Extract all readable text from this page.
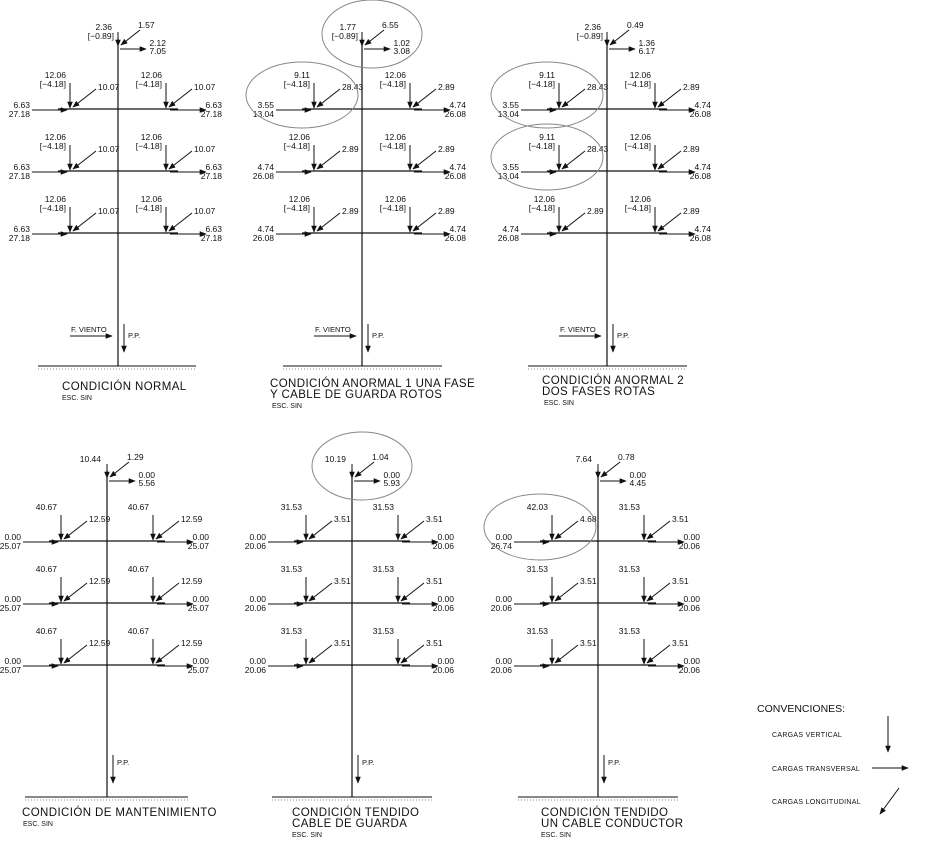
2.36
[−0.89]
1.57
2.12
7.05
12.06
[−4.18]	10.07
6.63
27.18
12.06
[−4.18]	10.07
6.63
27.18
12.06
[−4.18]	10.07
6.63
27.18
12.06
[−4.18]	10.07
6.63
27.18
12.06
[−4.18]	10.07
6.63
27.18
12.06
[−4.18]	10.07
6.63
27.18
F. VIENTO
P.P.
CONDICIÓN NORMAL
ESC. SIN
1.77
[−0.89]
6.55
1.02
3.08
9.11
[−4.18]	28.43
3.55
13.04
12.06
[−4.18]	2.89
4.74
26.08
12.06
[−4.18]	2.89
4.74
26.08
12.06
[−4.18]	2.89
4.74
26.08
12.06
[−4.18]	2.89
4.74
26.08
12.06
[−4.18]	2.89
4.74
26.08
F. VIENTO
P.P.
CONDICIÓN ANORMAL 1 UNA FASE
Y CABLE DE GUARDA ROTOS
ESC. SIN
2.36
[−0.89]
0.49
1.36
6.17
9.11
[−4.18]	28.43
3.55
13.04
12.06
[−4.18]	2.89
4.74
26.08
9.11
[−4.18]	28.43
3.55
13.04
12.06
[−4.18]	2.89
4.74
26.08
12.06
[−4.18]	2.89
4.74
26.08
12.06
[−4.18]	2.89
4.74
26.08
F. VIENTO
P.P.
CONDICIÓN ANORMAL 2
DOS FASES ROTAS
ESC. SIN
10.44	1.29
0.00
5.56
40.67
12.59
0.00
25.07
40.67
12.59
0.00
25.07
40.67
12.59
0.00
25.07
40.67
12.59
0.00
25.07
40.67
12.59
0.00
25.07
40.67
12.59
0.00
25.07
P.P.
CONDICIÓN DE MANTENIMIENTO
ESC. SIN
10.19	1.04
0.00
5.93
31.53
3.51
0.00
20.06
31.53
3.51
0.00
20.06
31.53
3.51
0.00
20.06
31.53
3.51
0.00
20.06
31.53
3.51
0.00
20.06
31.53
3.51
0.00
20.06
P.P.
CONDICIÓN TENDIDO
CABLE DE GUARDA
ESC. SIN
7.64	0.78
0.00
4.45
42.03
4.68
0.00
26.74
31.53
3.51
0.00
20.06
31.53
3.51
0.00
20.06
31.53
3.51
0.00
20.06
31.53
3.51
0.00
20.06
31.53
3.51
0.00
20.06
P.P.
CONDICIÓN TENDIDO
UN CABLE CONDUCTOR
ESC. SIN
CONVENCIONES:
CARGAS VERTICAL
CARGAS TRANSVERSAL
CARGAS LONGITUDINAL
